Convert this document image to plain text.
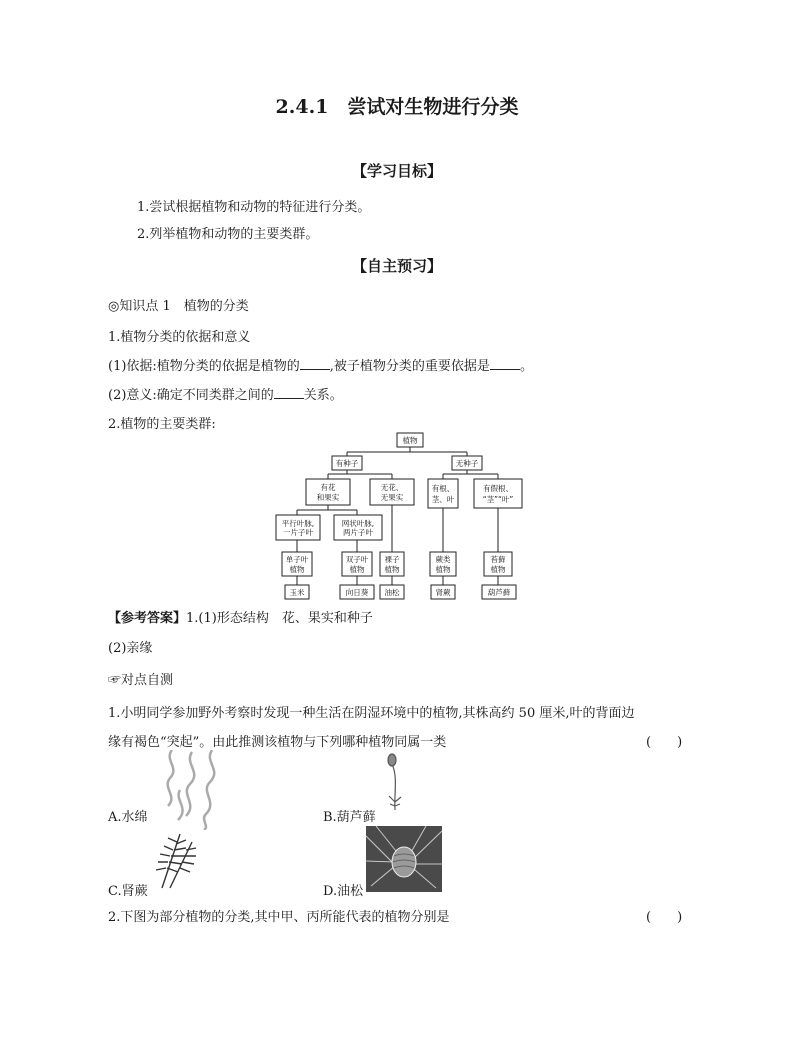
2.4.1　尝试对生物进行分类
【学习目标】
1.尝试根据植物和动物的特征进行分类。
2.列举植物和动物的主要类群。
【自主预习】
◎知识点 1　植物的分类
1.植物分类的依据和意义
(1)依据:植物分类的依据是植物的 ,被子植物分类的重要依据是 。
(2)意义:确定不同类群之间的 关系。
2.植物的主要类群:
植物
有种子	无种子
有花
和果实
无花、
无果实
有根、
茎、叶
有假根、
“茎”“叶”
平行叶脉,
一片子叶
网状叶脉,
两片子叶
单子叶
植物
双子叶
植物
裸子
植物
蕨类
植物
苔藓
植物
玉米	向日葵 油松	肾蕨	葫芦藓
【参考答案】1.(1)形态结构　花、果实和种子
(2)亲缘
☞对点自测
1.小明同学参加野外考察时发现一种生活在阴湿环境中的植物,其株高约 50 厘米,叶的背面边
缘有褐色“突起”。由此推测该植物与下列哪种植物同属一类	(　　)
A.水绵	B.葫芦藓
C.肾蕨	D.油松
2.下图为部分植物的分类,其中甲、丙所能代表的植物分别是	(　　)
